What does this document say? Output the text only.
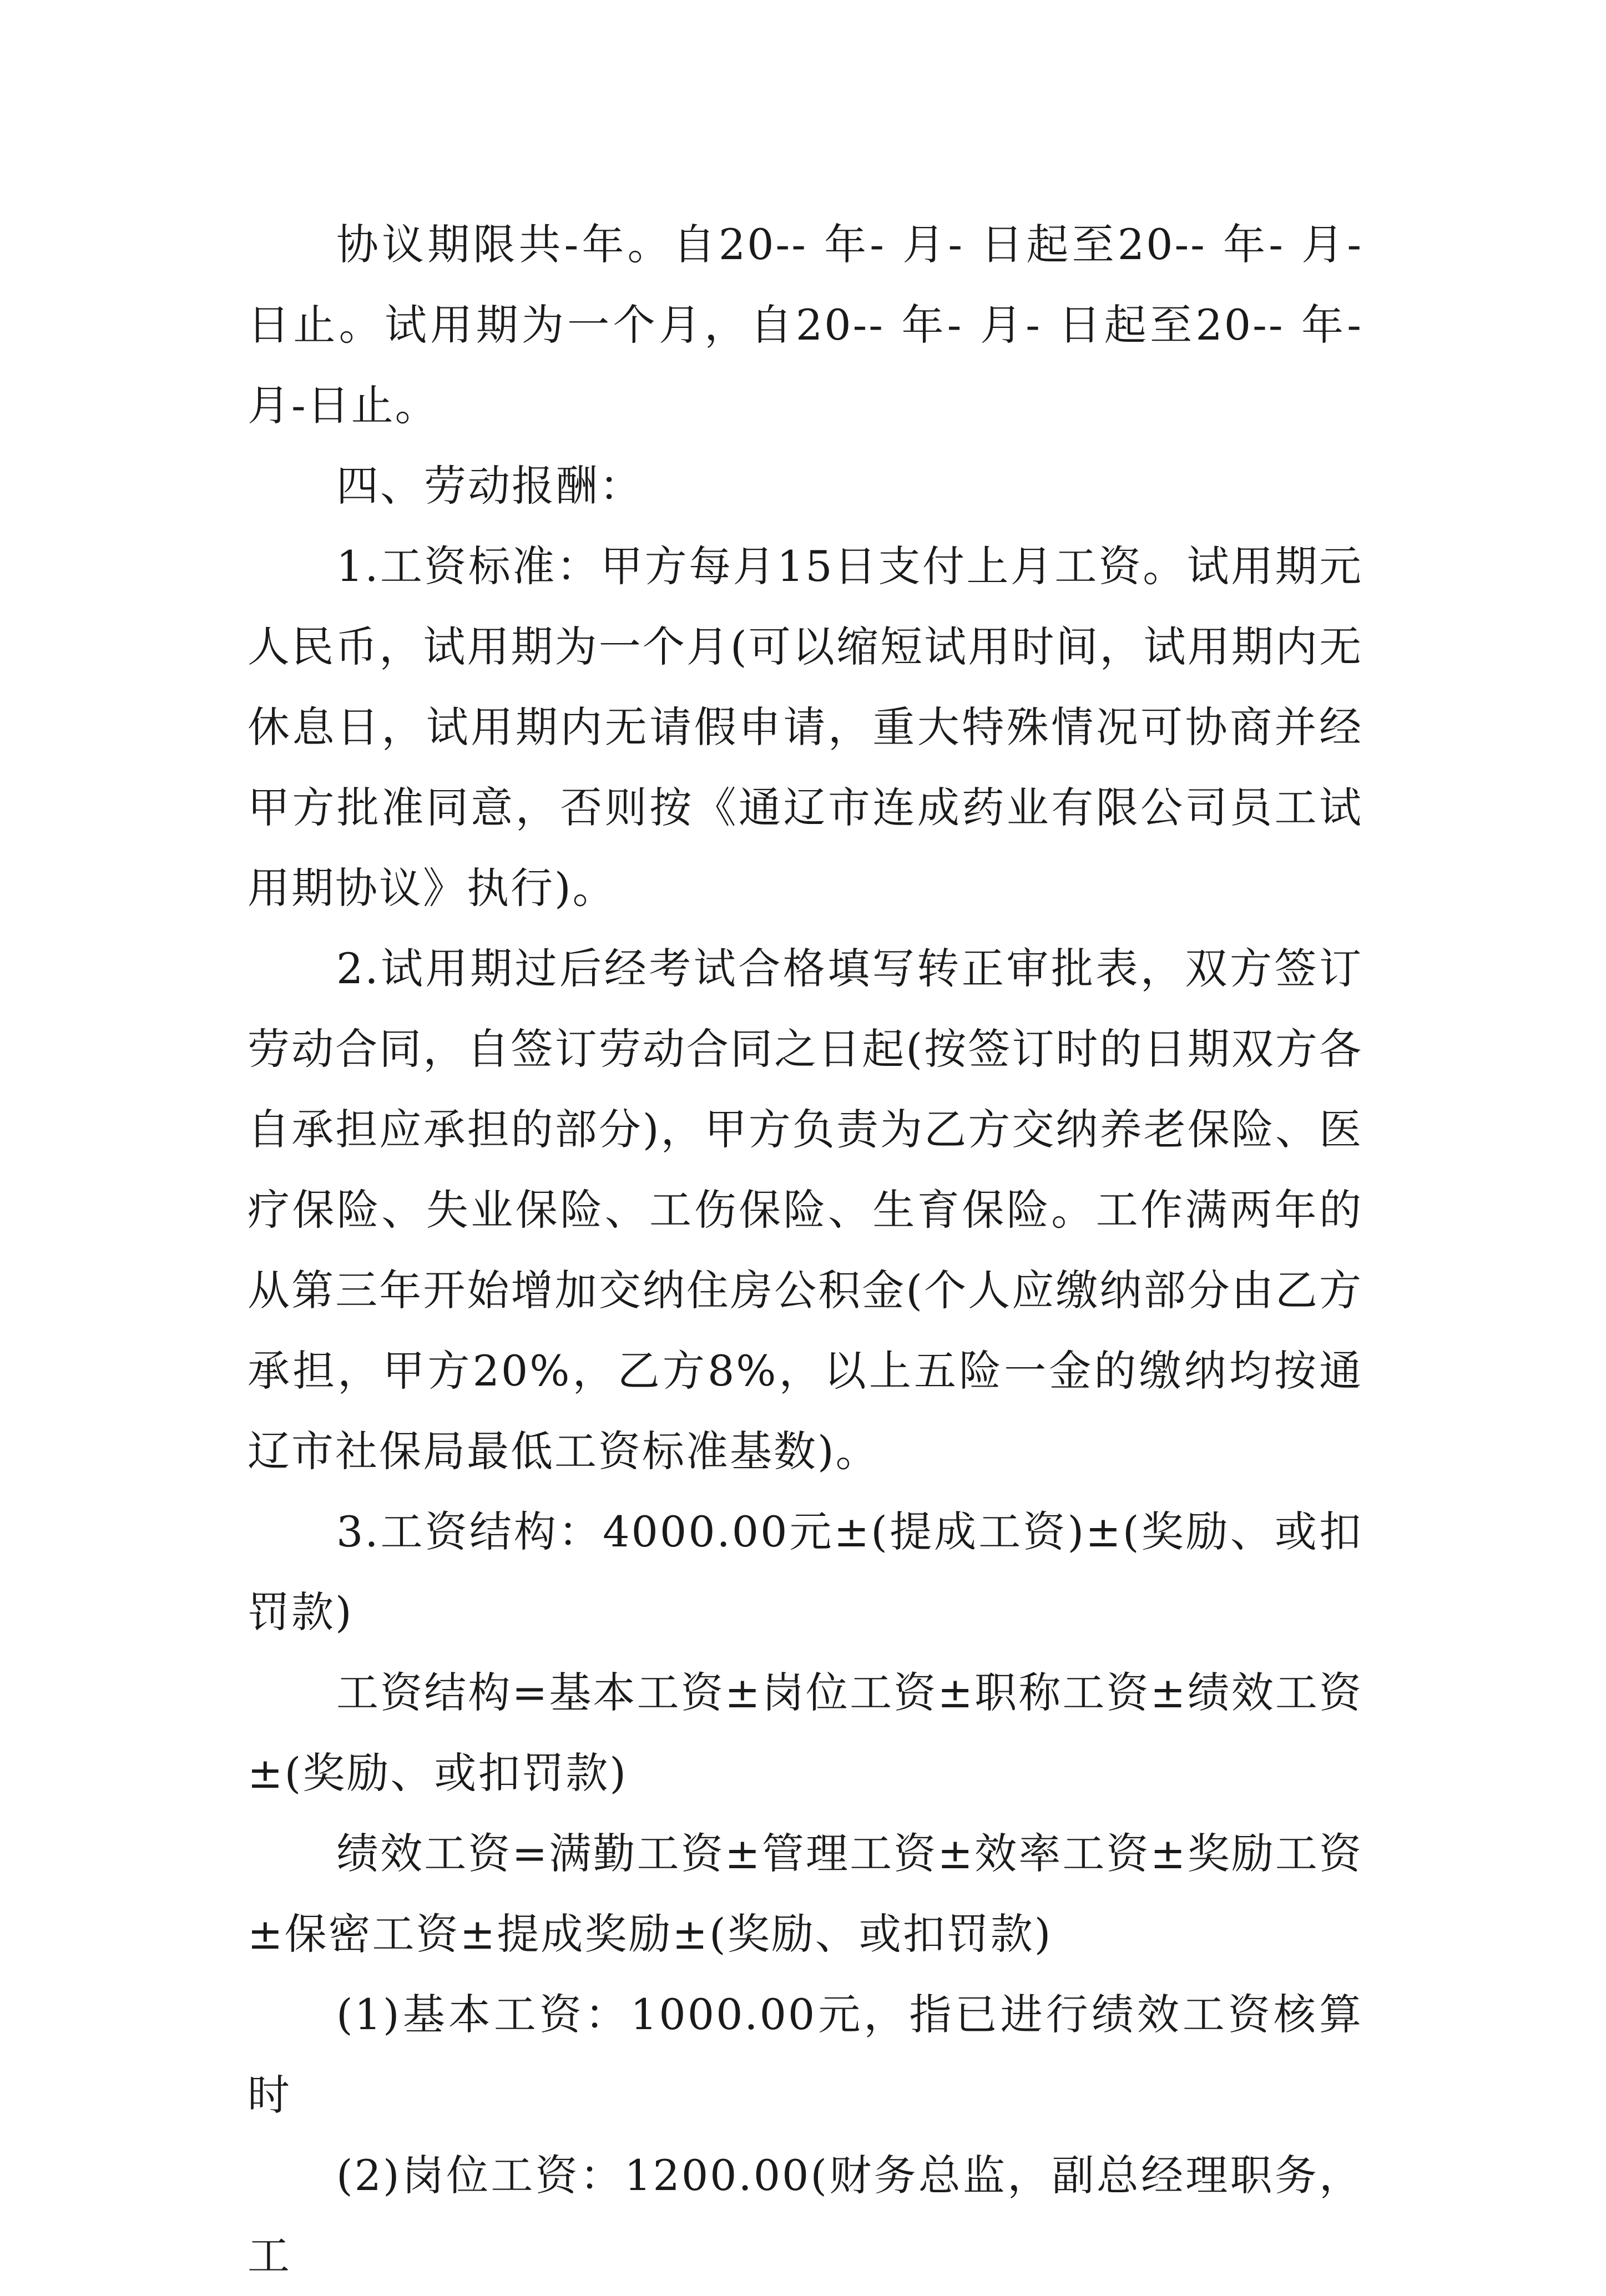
协议期限共-年。自20-- 年- 月- 日起至20-- 年- 月-日止。试用期为一个月，自20-- 年- 月- 日起至20-- 年-月-日止。

四、劳动报酬：

1.工资标准：甲方每月15日支付上月工资。试用期元人民币，试用期为一个月(可以缩短试用时间，试用期内无休息日，试用期内无请假申请，重大特殊情况可协商并经甲方批准同意，否则按《通辽市连成药业有限公司员工试用期协议》执行)。

2.试用期过后经考试合格填写转正审批表，双方签订劳动合同，自签订劳动合同之日起(按签订时的日期双方各自承担应承担的部分)，甲方负责为乙方交纳养老保险、医疗保险、失业保险、工伤保险、生育保险。工作满两年的从第三年开始增加交纳住房公积金(个人应缴纳部分由乙方承担，甲方20%，乙方8%，以上五险一金的缴纳均按通辽市社保局最低工资标准基数)。

3.工资结构：4000.00元±(提成工资)±(奖励、或扣罚款)

工资结构=基本工资±岗位工资±职称工资±绩效工资±(奖励、或扣罚款)

绩效工资=满勤工资±管理工资±效率工资±奖励工资±保密工资±提成奖励±(奖励、或扣罚款)

(1)基本工资：1000.00元，指已进行绩效工资核算时

(2)岗位工资：1200.00(财务总监，副总经理职务，工
